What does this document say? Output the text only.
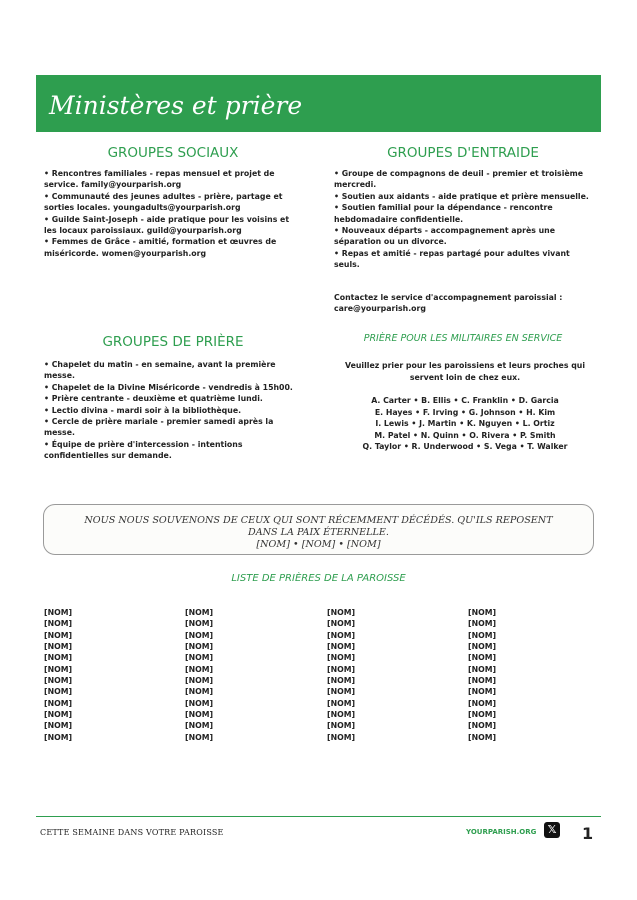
Ministères et prière
GROUPES SOCIAUX
• Rencontres familiales - repas mensuel et projet de service. family@yourparish.org
• Communauté des jeunes adultes - prière, partage et sorties locales. youngadults@yourparish.org
• Guilde Saint-Joseph - aide pratique pour les voisins et les locaux paroissiaux. guild@yourparish.org
• Femmes de Grâce - amitié, formation et œuvres de miséricorde. women@yourparish.org
GROUPES D'ENTRAIDE
• Groupe de compagnons de deuil - premier et troisième mercredi.
• Soutien aux aidants - aide pratique et prière mensuelle.
• Soutien familial pour la dépendance - rencontre hebdomadaire confidentielle.
• Nouveaux départs - accompagnement après une séparation ou un divorce.
• Repas et amitié - repas partagé pour adultes vivant seuls.
Contactez le service d'accompagnement paroissial : care@yourparish.org
GROUPES DE PRIÈRE
• Chapelet du matin - en semaine, avant la première messe.
• Chapelet de la Divine Miséricorde - vendredis à 15h00.
• Prière centrante - deuxième et quatrième lundi.
• Lectio divina - mardi soir à la bibliothèque.
• Cercle de prière mariale - premier samedi après la messe.
• Équipe de prière d'intercession - intentions confidentielles sur demande.
PRIÈRE POUR LES MILITAIRES EN SERVICE
Veuillez prier pour les paroissiens et leurs proches qui servent loin de chez eux.
A. Carter • B. Ellis • C. Franklin • D. Garcia
E. Hayes • F. Irving • G. Johnson • H. Kim
I. Lewis • J. Martin • K. Nguyen • L. Ortiz
M. Patel • N. Quinn • O. Rivera • P. Smith
Q. Taylor • R. Underwood • S. Vega • T. Walker
NOUS NOUS SOUVENONS DE CEUX QUI SONT RÉCEMMENT DÉCÉDÉS. QU'ILS REPOSENT DANS LA PAIX ÉTERNELLE.
[NOM] • [NOM] • [NOM]
LISTE DE PRIÈRES DE LA PAROISSE
[NOM]
[NOM]
[NOM]
[NOM]
[NOM]
[NOM]
[NOM]
[NOM]
[NOM]
[NOM]
[NOM]
[NOM]
[NOM]
[NOM]
[NOM]
[NOM]
[NOM]
[NOM]
[NOM]
[NOM]
[NOM]
[NOM]
[NOM]
[NOM]
[NOM]
[NOM]
[NOM]
[NOM]
[NOM]
[NOM]
[NOM]
[NOM]
[NOM]
[NOM]
[NOM]
[NOM]
[NOM]
[NOM]
[NOM]
[NOM]
[NOM]
[NOM]
[NOM]
[NOM]
[NOM]
[NOM]
[NOM]
[NOM]
CETTE SEMAINE DANS VOTRE PAROISSE	YOURPARISH.ORG	𝕏 1
